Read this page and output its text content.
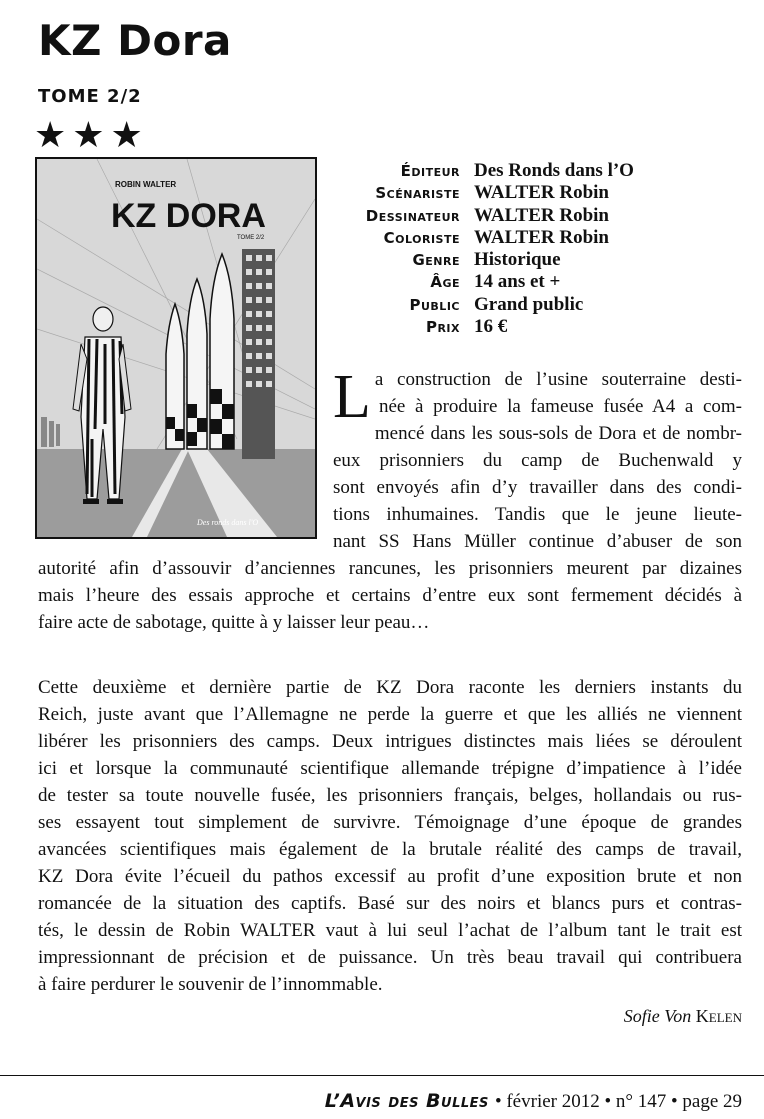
KZ Dora
TOME 2/2
★★★
ROBIN WALTER
KZ DORA
TOME 2/2
Des ronds dans l'O
Éditeur	Des Ronds dans l’O
Scénariste	WALTER Robin
Dessinateur	WALTER Robin
Coloriste	WALTER Robin
Genre	Historique
Âge	14 ans et +
Public	Grand public
Prix	16 €
La construction de l’usine souterraine desti-
née à produire la fameuse fusée A4 a com-
mencé dans les sous-sols de Dora et de nombr-
eux prisonniers du camp de Buchenwald y
sont envoyés afin d’y travailler dans des condi-
tions inhumaines. Tandis que le jeune lieute-
nant SS Hans Müller continue d’abuser de son
autorité afin d’assouvir d’anciennes rancunes, les prisonniers meurent par dizaines
mais l’heure des essais approche et certains d’entre eux sont fermement décidés à
faire acte de sabotage, quitte à y laisser leur peau…
Cette deuxième et dernière partie de KZ Dora raconte les derniers instants du
Reich, juste avant que l’Allemagne ne perde la guerre et que les alliés ne viennent
libérer les prisonniers des camps. Deux intrigues distinctes mais liées se déroulent
ici et lorsque la communauté scientifique allemande trépigne d’impatience à l’idée
de tester sa toute nouvelle fusée, les prisonniers français, belges, hollandais ou rus-
ses essayent tout simplement de survivre. Témoignage d’une époque de grandes
avancées scientifiques mais également de la brutale réalité des camps de travail,
KZ Dora évite l’écueil du pathos excessif au profit d’une exposition brute et non
romancée de la situation des captifs. Basé sur des noirs et blancs purs et contras-
tés, le dessin de Robin WALTER vaut à lui seul l’achat de l’album tant le trait est
impressionnant de précision et de puissance. Un très beau travail qui contribuera
à faire perdurer le souvenir de l’innommable.
Sofie Von Kelen
L’Avis des Bulles • février 2012 • n° 147 • page 29
